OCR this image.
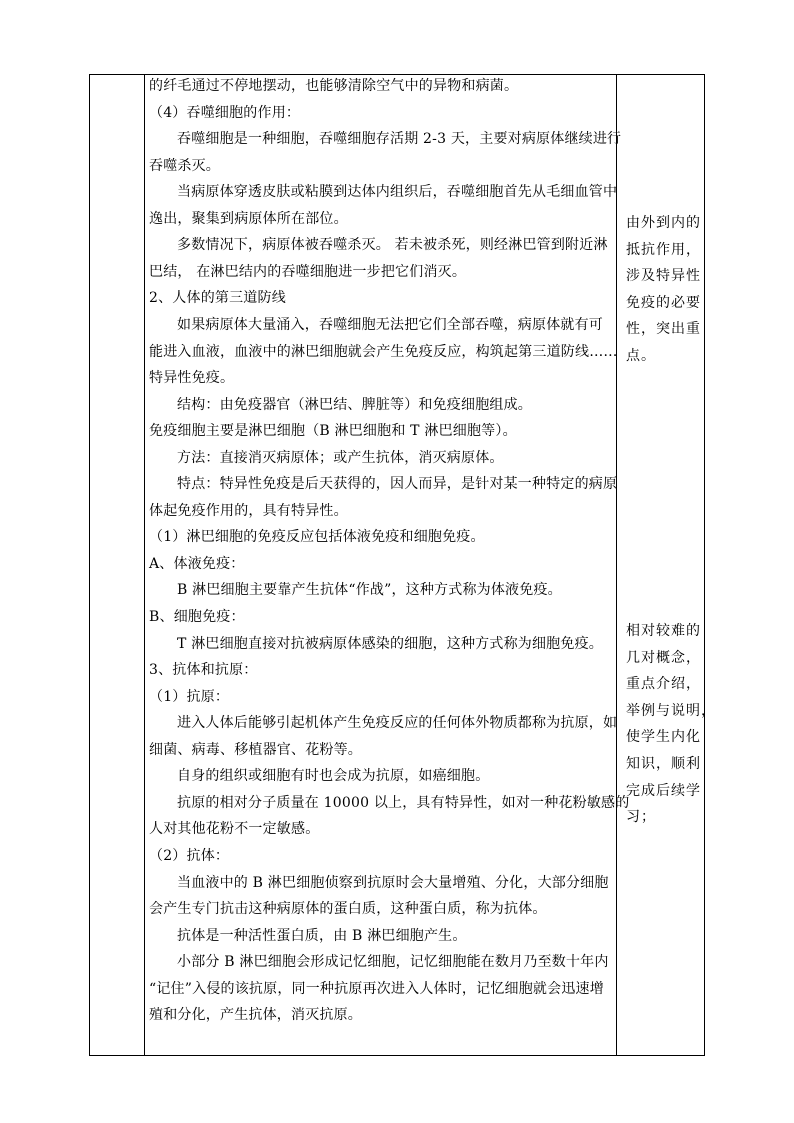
的纤毛通过不停地摆动，也能够清除空气中的异物和病菌。
（4）吞噬细胞的作用：
吞噬细胞是一种细胞，吞噬细胞存活期 2-3 天，主要对病原体继续进行
吞噬杀灭。
当病原体穿透皮肤或粘膜到达体内组织后，吞噬细胞首先从毛细血管中
逸出，聚集到病原体所在部位。
多数情况下，病原体被吞噬杀灭。 若未被杀死，则经淋巴管到附近淋
巴结， 在淋巴结内的吞噬细胞进一步把它们消灭。
2、人体的第三道防线
如果病原体大量涌入，吞噬细胞无法把它们全部吞噬，病原体就有可
能进入血液，血液中的淋巴细胞就会产生免疫反应，构筑起第三道防线……
特异性免疫。
结构：由免疫器官（淋巴结、脾脏等）和免疫细胞组成。
免疫细胞主要是淋巴细胞（B 淋巴细胞和 T 淋巴细胞等）。
方法：直接消灭病原体；或产生抗体，消灭病原体。
特点：特异性免疫是后天获得的，因人而异，是针对某一种特定的病原
体起免疫作用的，具有特异性。
（1）淋巴细胞的免疫反应包括体液免疫和细胞免疫。
A、体液免疫：
B 淋巴细胞主要靠产生抗体“作战”，这种方式称为体液免疫。
B、细胞免疫：
T 淋巴细胞直接对抗被病原体感染的细胞，这种方式称为细胞免疫。
3、抗体和抗原：
（1）抗原：
进入人体后能够引起机体产生免疫反应的任何体外物质都称为抗原，如
细菌、病毒、移植器官、花粉等。
自身的组织或细胞有时也会成为抗原，如癌细胞。
抗原的相对分子质量在 10000 以上，具有特异性，如对一种花粉敏感的
人对其他花粉不一定敏感。
（2）抗体：
当血液中的 B 淋巴细胞侦察到抗原时会大量增殖、分化，大部分细胞
会产生专门抗击这种病原体的蛋白质，这种蛋白质，称为抗体。
抗体是一种活性蛋白质，由 B 淋巴细胞产生。
小部分 B 淋巴细胞会形成记忆细胞，记忆细胞能在数月乃至数十年内
“记住”入侵的该抗原，同一种抗原再次进入人体时，记忆细胞就会迅速增
殖和分化，产生抗体，消灭抗原。
由外到内的
抵抗作用，
涉及特异性
免疫的必要
性，突出重
点。
相对较难的
几对概念，
重点介绍，
举例与说明，
使学生内化
知识，顺利
完成后续学
习；
